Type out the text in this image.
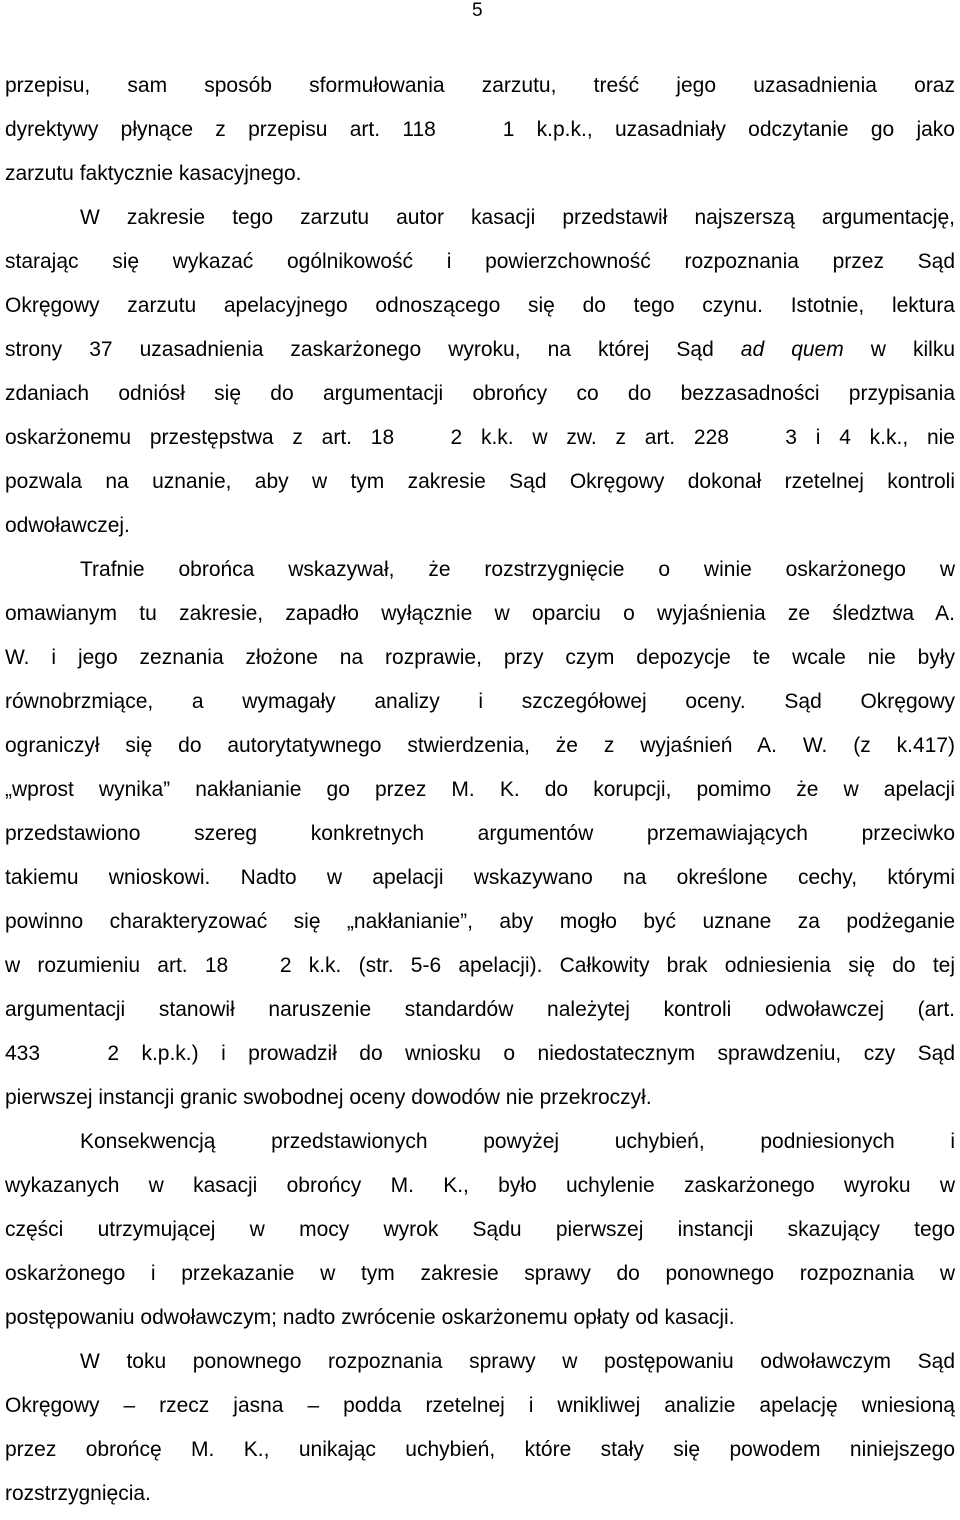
5
przepisu, sam sposób sformułowania zarzutu, treść jego uzasadnienia oraz
dyrektywy płynące z przepisu art. 118   1 k.p.k., uzasadniały odczytanie go jako
zarzutu faktycznie kasacyjnego.
W zakresie tego zarzutu autor kasacji przedstawił najszerszą argumentację,
starając się wykazać ogólnikowość i powierzchowność rozpoznania przez Sąd
Okręgowy zarzutu apelacyjnego odnoszącego się do tego czynu. Istotnie, lektura
strony 37 uzasadnienia zaskarżonego wyroku, na której Sąd ad quem w kilku
zdaniach odniósł się do argumentacji obrońcy co do bezzasadności przypisania
oskarżonemu przestępstwa z art. 18   2 k.k. w zw. z art. 228   3 i 4 k.k., nie
pozwala na uznanie, aby w tym zakresie Sąd Okręgowy dokonał rzetelnej kontroli
odwoławczej.
Trafnie obrońca wskazywał, że rozstrzygnięcie o winie oskarżonego w
omawianym tu zakresie, zapadło wyłącznie w oparciu o wyjaśnienia ze śledztwa A.
W. i jego zeznania złożone na rozprawie, przy czym depozycje te wcale nie były
równobrzmiące, a wymagały analizy i szczegółowej oceny. Sąd Okręgowy
ograniczył się do autorytatywnego stwierdzenia, że z wyjaśnień A. W. (z k.417)
„wprost wynika” nakłanianie go przez M. K. do korupcji, pomimo że w apelacji
przedstawiono szereg konkretnych argumentów przemawiających przeciwko
takiemu wnioskowi. Nadto w apelacji wskazywano na określone cechy, którymi
powinno charakteryzować się „nakłanianie”, aby mogło być uznane za podżeganie
w rozumieniu art. 18   2 k.k. (str. 5-6 apelacji). Całkowity brak odniesienia się do tej
argumentacji stanowił naruszenie standardów należytej kontroli odwoławczej (art.
433   2 k.p.k.) i prowadził do wniosku o niedostatecznym sprawdzeniu, czy Sąd
pierwszej instancji granic swobodnej oceny dowodów nie przekroczył.
Konsekwencją przedstawionych powyżej uchybień, podniesionych i
wykazanych w kasacji obrońcy M. K., było uchylenie zaskarżonego wyroku w
części utrzymującej w mocy wyrok Sądu pierwszej instancji skazujący tego
oskarżonego i przekazanie w tym zakresie sprawy do ponownego rozpoznania w
postępowaniu odwoławczym; nadto zwrócenie oskarżonemu opłaty od kasacji.
W toku ponownego rozpoznania sprawy w postępowaniu odwoławczym Sąd
Okręgowy – rzecz jasna – podda rzetelnej i wnikliwej analizie apelację wniesioną
przez obrońcę M. K., unikając uchybień, które stały się powodem niniejszego
rozstrzygnięcia.
